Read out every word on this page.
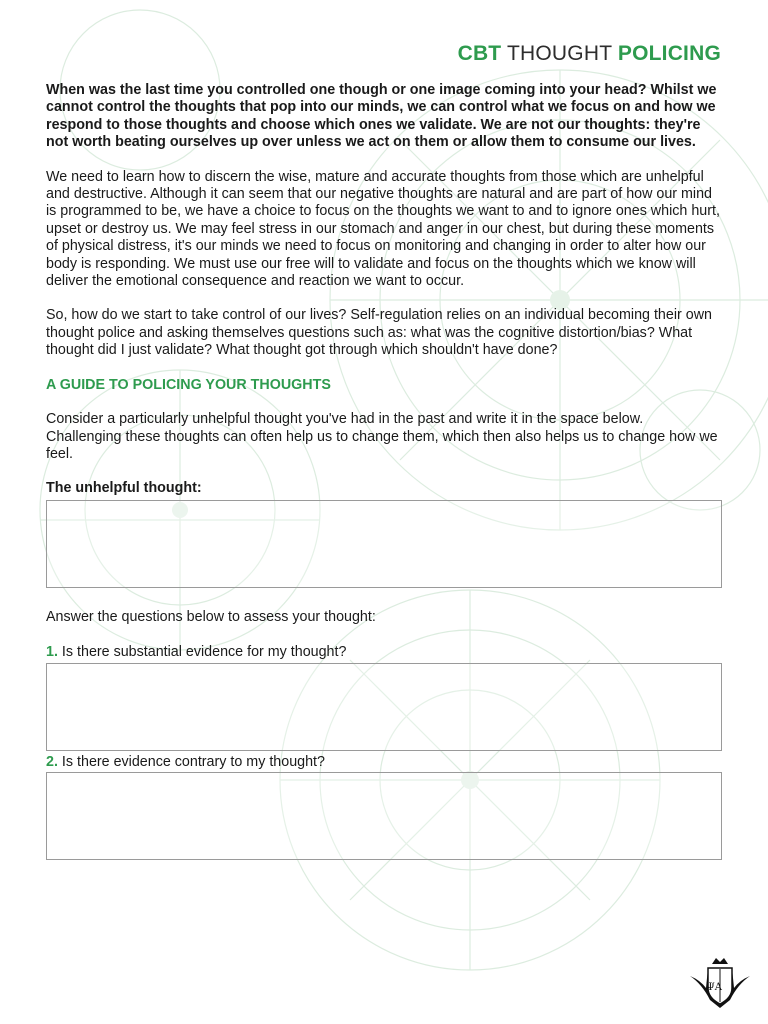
CBT THOUGHT POLICING

When was the last time you controlled one though or one image coming into your head? Whilst we cannot control the thoughts that pop into our minds, we can control what we focus on and how we respond to those thoughts and choose which ones we validate. We are not our thoughts: they're not worth beating ourselves up over unless we act on them or allow them to consume our lives.

We need to learn how to discern the wise, mature and accurate thoughts from those which are unhelpful and destructive. Although it can seem that our negative thoughts are natural and are part of how our mind is programmed to be, we have a choice to focus on the thoughts we want to and to ignore ones which hurt, upset or destroy us. We may feel stress in our stomach and anger in our chest, but during these moments of physical distress, it's our minds we need to focus on monitoring and changing in order to alter how our body is responding. We must use our free will to validate and focus on the thoughts which we know will deliver the emotional consequence and reaction we want to occur.

So, how do we start to take control of our lives? Self-regulation relies on an individual becoming their own thought police and asking themselves questions such as: what was the cognitive distortion/bias? What thought did I just validate? What thought got through which shouldn't have done?

A GUIDE TO POLICING YOUR THOUGHTS

Consider a particularly unhelpful thought you've had in the past and write it in the space below. Challenging these thoughts can often help us to change them, which then also helps us to change how we feel.

The unhelpful thought:

Answer the questions below to assess your thought:

1. Is there substantial evidence for my thought?

2. Is there evidence contrary to my thought?

ΨA
